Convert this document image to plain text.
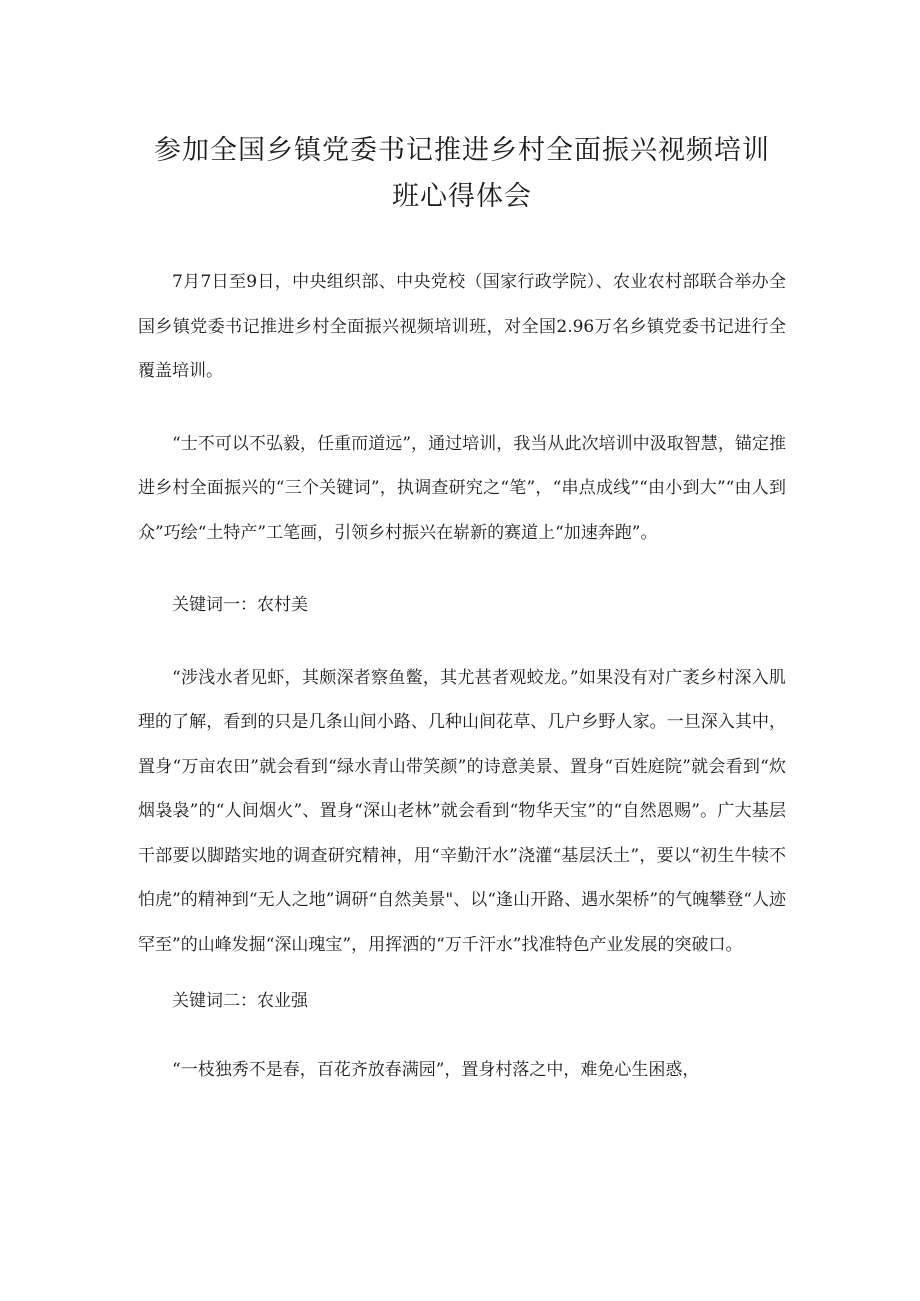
参加全国乡镇党委书记推进乡村全面振兴视频培训
班心得体会

7月7日至9日，中央组织部、中央党校（国家行政学院）、农业农村部联合举办全国乡镇党委书记推进乡村全面振兴视频培训班，对全国2.96万名乡镇党委书记进行全覆盖培训。

“士不可以不弘毅，任重而道远”，通过培训，我当从此次培训中汲取智慧，锚定推进乡村全面振兴的“三个关键词”，执调查研究之“笔”，“串点成线”“由小到大”“由人到众”巧绘“土特产”工笔画，引领乡村振兴在崭新的赛道上“加速奔跑”。

关键词一：农村美

“涉浅水者见虾，其颇深者察鱼鳖，其尤甚者观蛟龙。”如果没有对广袤乡村深入肌理的了解，看到的只是几条山间小路、几种山间花草、几户乡野人家。一旦深入其中，置身“万亩农田”就会看到“绿水青山带笑颜”的诗意美景、置身“百姓庭院”就会看到“炊烟袅袅”的“人间烟火”、置身“深山老林”就会看到“物华天宝”的“自然恩赐”。广大基层干部要以脚踏实地的调查研究精神，用“辛勤汗水”浇灌“基层沃土”，要以“初生牛犊不怕虎”的精神到“无人之地”调研“自然美景"、以“逢山开路、遇水架桥”的气魄攀登“人迹罕至”的山峰发掘“深山瑰宝”，用挥洒的“万千汗水”找准特色产业发展的突破口。

关键词二：农业强

“一枝独秀不是春，百花齐放春满园”，置身村落之中，难免心生困惑，
